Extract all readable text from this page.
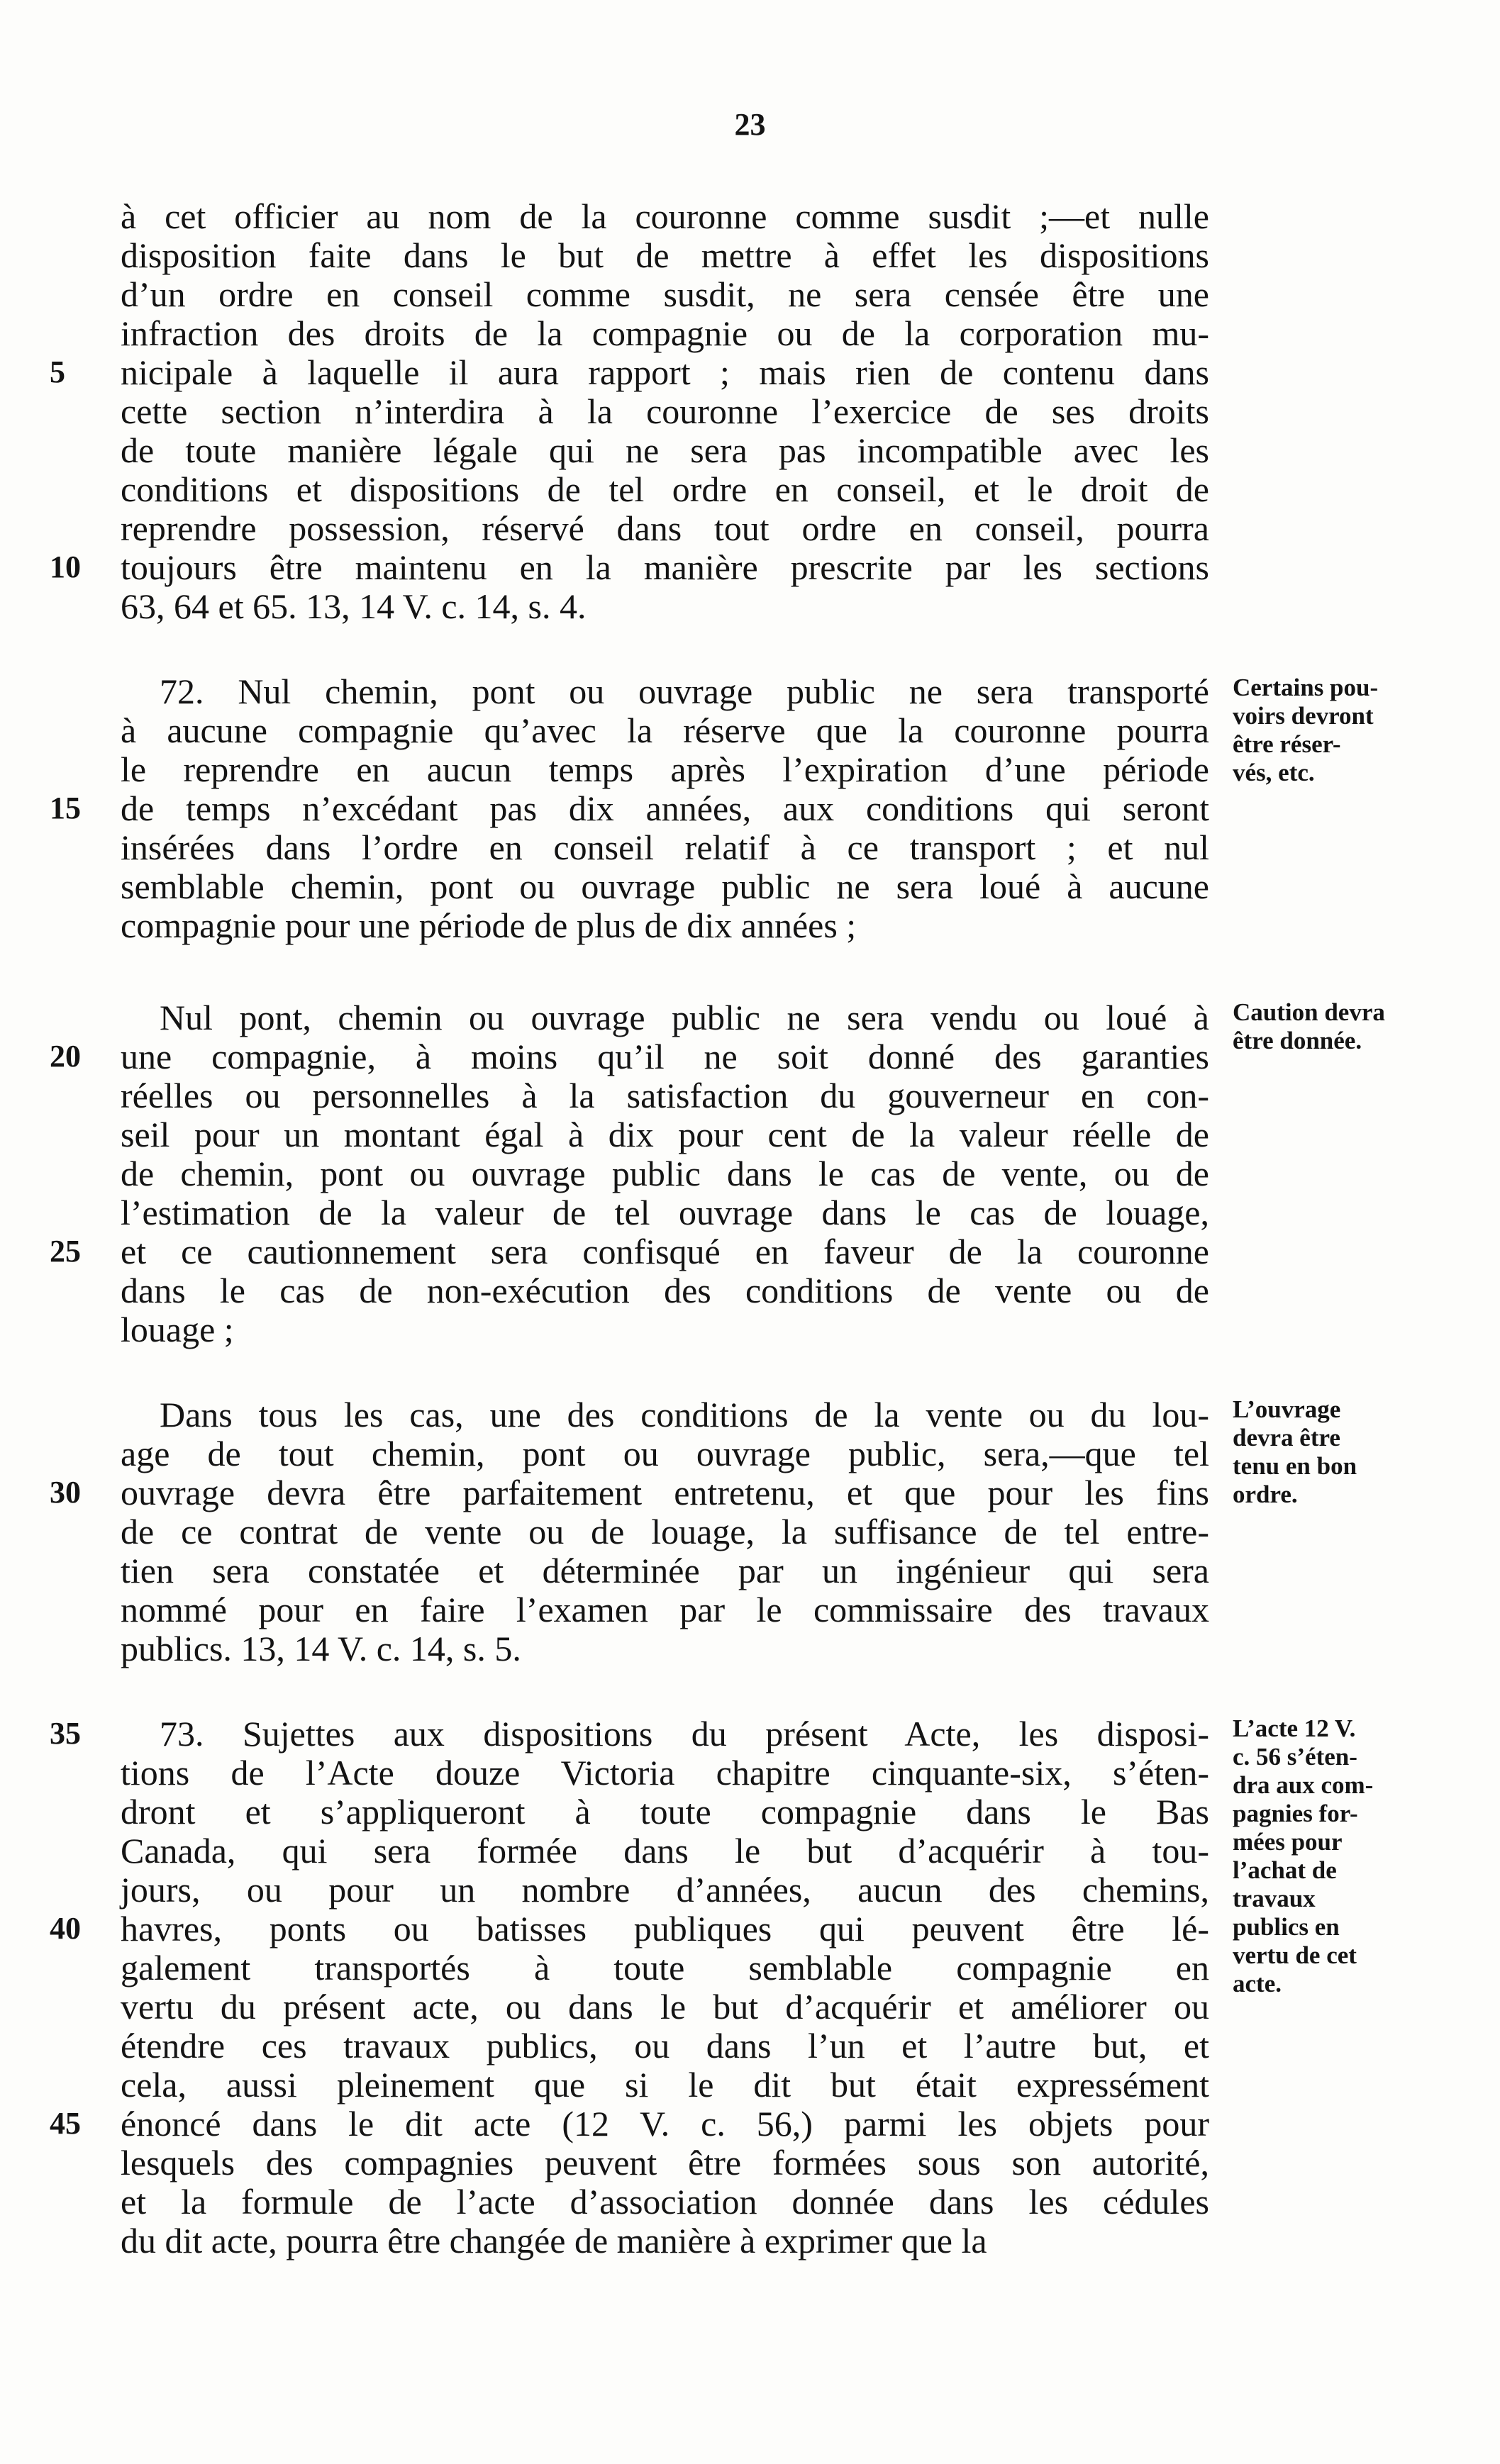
23
à cet officier au nom de la couronne comme susdit ;—et nulle
disposition faite dans le but de mettre à effet les dispositions
d’un ordre en conseil comme susdit, ne sera censée être une
infraction des droits de la compagnie ou de la corporation mu-
nicipale à laquelle il aura rapport ; mais rien de contenu dans
cette section n’interdira à la couronne l’exercice de ses droits
de toute manière légale qui ne sera pas incompatible avec les
conditions et dispositions de tel ordre en conseil, et le droit de
reprendre possession, réservé dans tout ordre en conseil, pourra
toujours être maintenu en la manière prescrite par les sections
63, 64 et 65. 13, 14 V. c. 14, s. 4.
72. Nul chemin, pont ou ouvrage public ne sera transporté
à aucune compagnie qu’avec la réserve que la couronne pourra
le reprendre en aucun temps après l’expiration d’une période
de temps n’excédant pas dix années, aux conditions qui seront
insérées dans l’ordre en conseil relatif à ce transport ; et nul
semblable chemin, pont ou ouvrage public ne sera loué à aucune
compagnie pour une période de plus de dix années ;
Nul pont, chemin ou ouvrage public ne sera vendu ou loué à
une compagnie, à moins qu’il ne soit donné des garanties
réelles ou personnelles à la satisfaction du gouverneur en con-
seil pour un montant égal à dix pour cent de la valeur réelle de
de chemin, pont ou ouvrage public dans le cas de vente, ou de
l’estimation de la valeur de tel ouvrage dans le cas de louage,
et ce cautionnement sera confisqué en faveur de la couronne
dans le cas de non-exécution des conditions de vente ou de
louage ;
Dans tous les cas, une des conditions de la vente ou du lou-
age de tout chemin, pont ou ouvrage public, sera,—que tel
ouvrage devra être parfaitement entretenu, et que pour les fins
de ce contrat de vente ou de louage, la suffisance de tel entre-
tien sera constatée et déterminée par un ingénieur qui sera
nommé pour en faire l’examen par le commissaire des travaux
publics. 13, 14 V. c. 14, s. 5.
73. Sujettes aux dispositions du présent Acte, les disposi-
tions de l’Acte douze Victoria chapitre cinquante-six, s’éten-
dront et s’appliqueront à toute compagnie dans le Bas
Canada, qui sera formée dans le but d’acquérir à tou-
jours, ou pour un nombre d’années, aucun des chemins,
havres, ponts ou batisses publiques qui peuvent être lé-
galement transportés à toute semblable compagnie en
vertu du présent acte, ou dans le but d’acquérir et améliorer ou
étendre ces travaux publics, ou dans l’un et l’autre but, et
cela, aussi pleinement que si le dit but était expressément
énoncé dans le dit acte (12 V. c. 56,) parmi les objets pour
lesquels des compagnies peuvent être formées sous son autorité,
et la formule de l’acte d’association donnée dans les cédules
du dit acte, pourra être changée de manière à exprimer que la
5
10
15
20
25
30
35
40
45
Certains pou-
voirs devront
être réser-
vés, etc.
Caution devra
être donnée.
L’ouvrage
devra être
tenu en bon
ordre.
L’acte 12 V.
c. 56 s’éten-
dra aux com-
pagnies for-
mées pour
l’achat de
travaux
publics en
vertu de cet
acte.
